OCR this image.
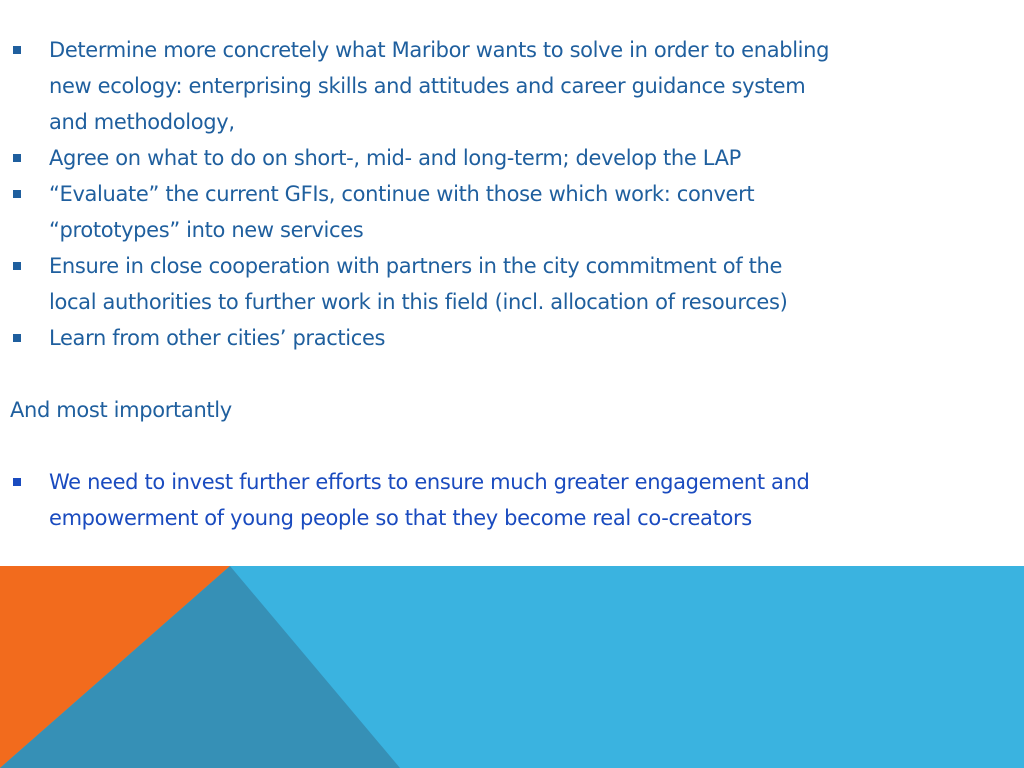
Determine more concretely what Maribor wants to solve in order to enabling
new ecology: enterprising skills and attitudes and career guidance system
and methodology,
Agree on what to do on short-, mid- and long-term; develop the LAP
“Evaluate” the current GFIs, continue with those which work: convert
“prototypes” into new services
Ensure in close cooperation with partners in the city commitment of the
local authorities to further work in this field (incl. allocation of resources)
Learn from other cities’ practices

And most importantly

We need to invest further efforts to ensure much greater engagement and
empowerment of young people so that they become real co-creators
